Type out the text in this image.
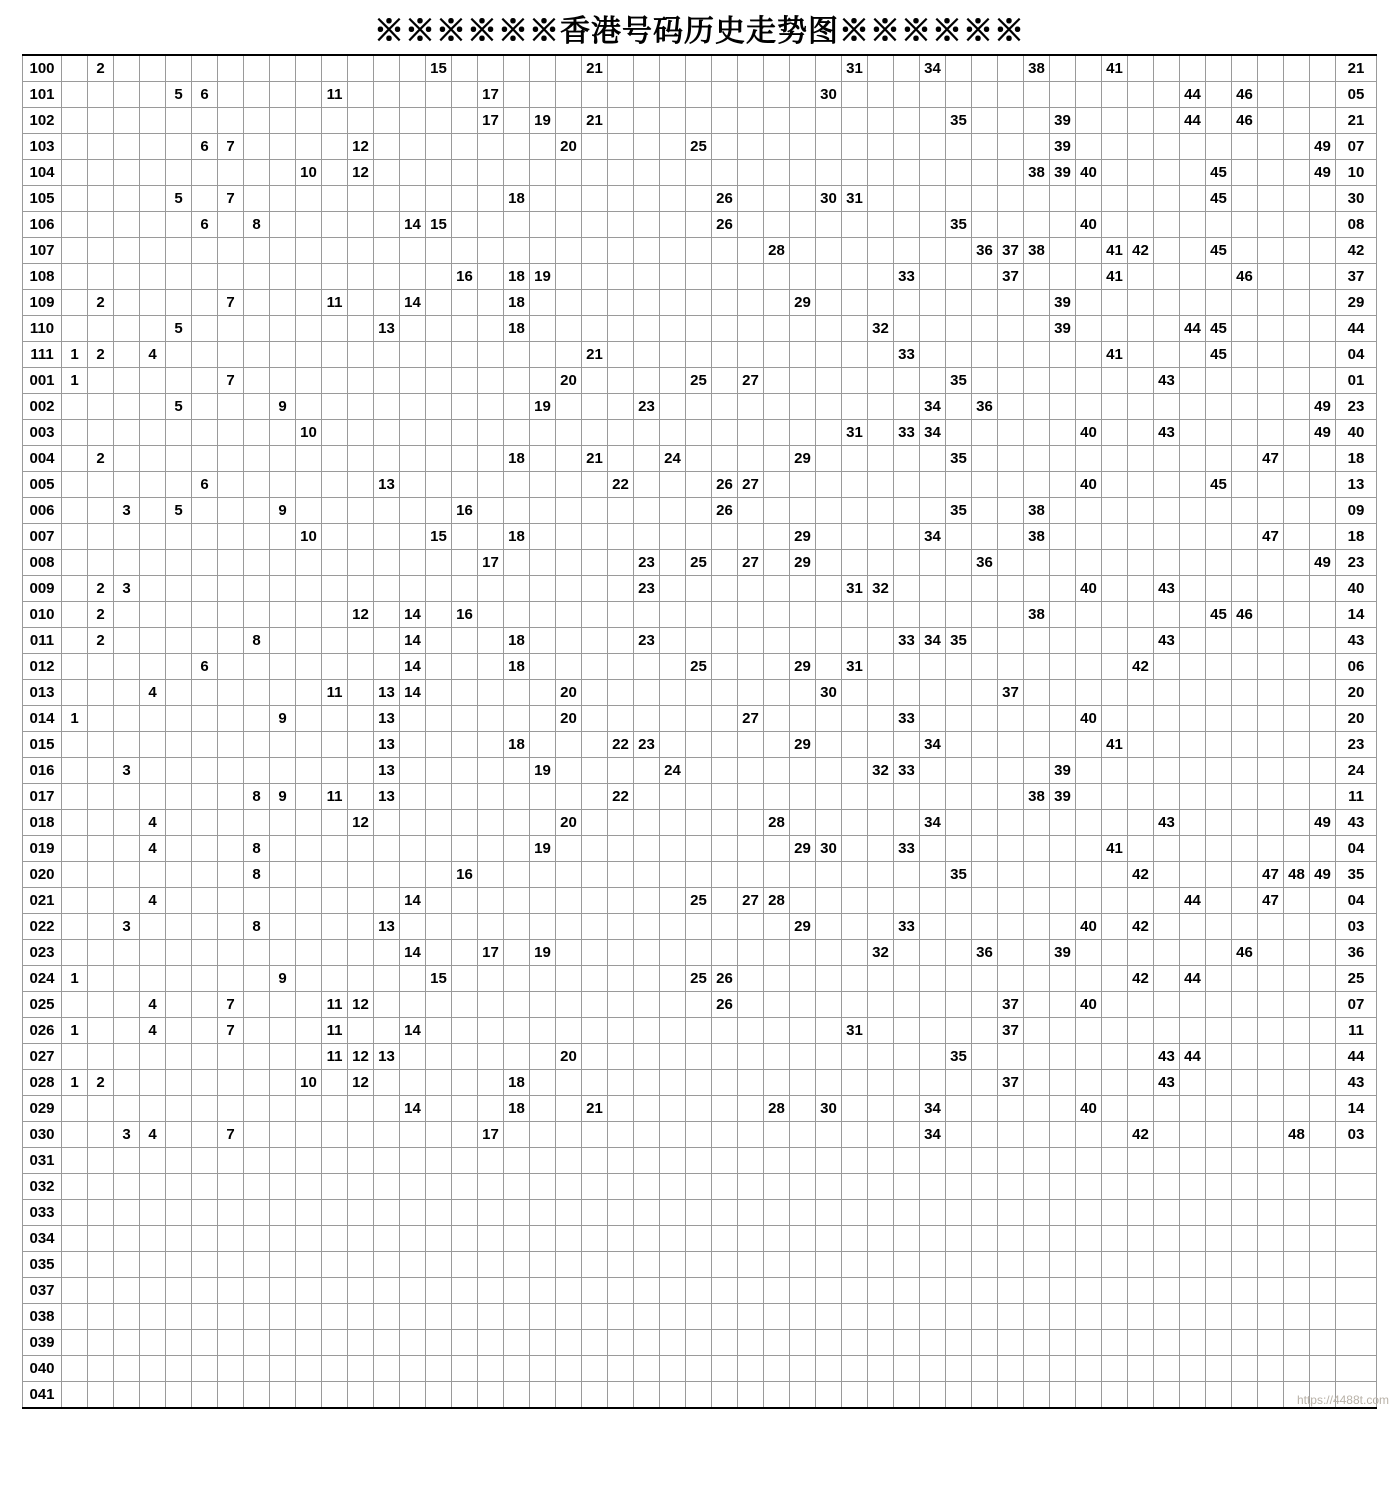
※※※※※※香港号码历史走势图※※※※※※
100		2													15						21										31			34				38			41									21
101					5	6					11						17													30														44		46				05
102																	17		19		21														35				39					44		46				21
103						6	7					12								20					25														39										49	07
104										10		12																										38	39	40					45				49	10
105					5		7											18								26				30	31														45					30
106						6		8						14	15											26									35					40										08
107																												28								36	37	38			41	42			45					42
108																16		18	19														33				37				41					46				37
109		2					7				11			14				18											29										39											29
110					5								13					18														32							39					44	45					44
111	1	2		4																	21												33								41				45					04
001	1						7													20					25		27								35								43							01
002					5				9										19				23											34		36													49	23
003										10																					31		33	34						40			43						49	40
004		2																18			21			24					29						35												47			18
005						6							13									22				26	27													40					45					13
006			3		5				9							16										26									35			38												09
007										10					15			18											29					34				38									47			18
008																	17						23		25		27		29							36													49	23
009		2	3																				23								31	32								40			43							40
010		2										12		14		16																						38							45	46				14
011		2						8						14				18					23										33	34	35								43							43
012						6								14				18							25				29		31											42								06
013				4							11		13	14						20										30							37													20
014	1								9				13							20							27						33							40										20
015													13					18				22	23						29					34							41									23
016			3										13						19					24								32	33						39											24
017								8	9		11		13									22																38	39											11
018				4								12								20								28						34									43						49	43
019				4				8											19										29	30			33								41									04
020								8								16																			35							42					47	48	49	35
021				4										14											25		27	28																44			47			04
022			3					8					13																29				33							40		42								03
023														14			17		19													32				36			39							46				36
024	1								9						15										25	26																42		44						25
025				4			7				11	12														26											37			40										07
026	1			4			7				11			14																	31						37													11
027											11	12	13							20															35								43	44						44
028	1	2								10		12						18																			37						43							43
029														14				18			21							28		30				34						40										14
030			3	4			7										17																	34								42						48		03
031																																																		
032																																																		
033																																																		
034																																																		
035																																																		
037																																																		
038																																																		
039																																																		
040																																																		
041																																																			https://4488t.com
